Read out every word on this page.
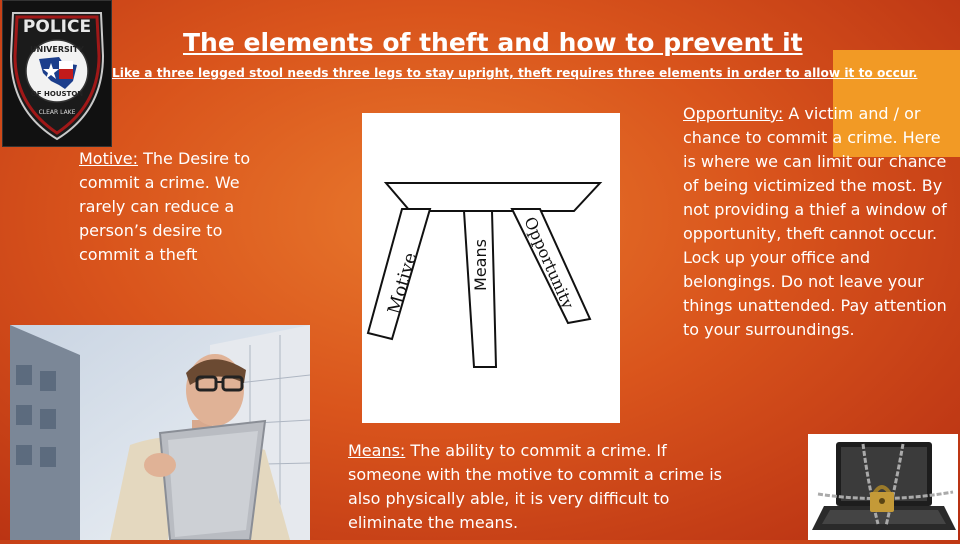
POLICE
UNIVERSITY
OF HOUSTON
CLEAR LAKE
The elements of theft and how to prevent it
Like a three legged stool needs three legs to stay upright, theft requires three elements in order to allow it to occur.
Motive: The Desire to commit a crime. We rarely can reduce a person’s desire to commit a theft	Motive	Means Opportunity
Opportunity: A victim and / or chance to commit a crime. Here is where we can limit our chance of being victimized the most. By not providing a thief a window of opportunity, theft cannot occur. Lock up your office and belongings. Do not leave your things unattended. Pay attention to your surroundings.
Means: The ability to commit a crime. If someone with the motive to commit a crime is also physically able, it is very difficult to eliminate the means.
